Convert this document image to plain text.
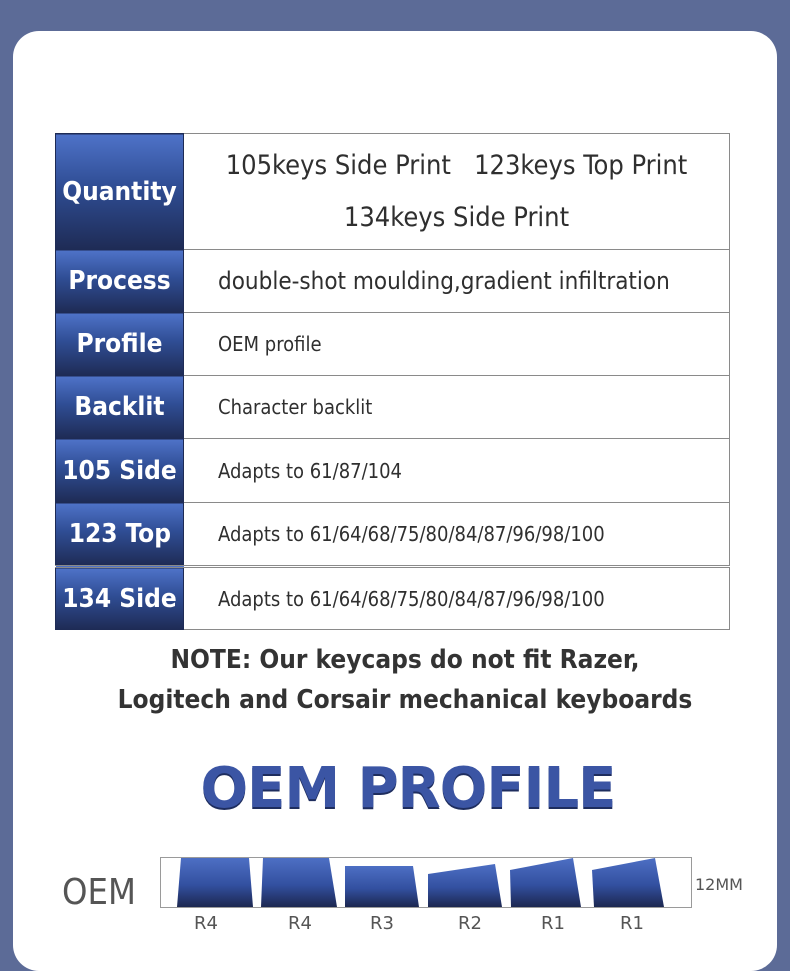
Quantity	105keys Side Print   123keys Top Print
134keys Side Print

Process	double-shot moulding,gradient infiltration
Profile	OEM profile
Backlit	Character backlit
105 Side	Adapts to 61/87/104

123 Top	Adapts to 61/64/68/75/80/84/87/96/98/100
134 Side	Adapts to 61/64/68/75/80/84/87/96/98/100
NOTE: Our keycaps do not fit Razer,
Logitech and Corsair mechanical keyboards
OEM PROFILE
OEM	12MM
R4	R4	R3	R2	R1	R1
